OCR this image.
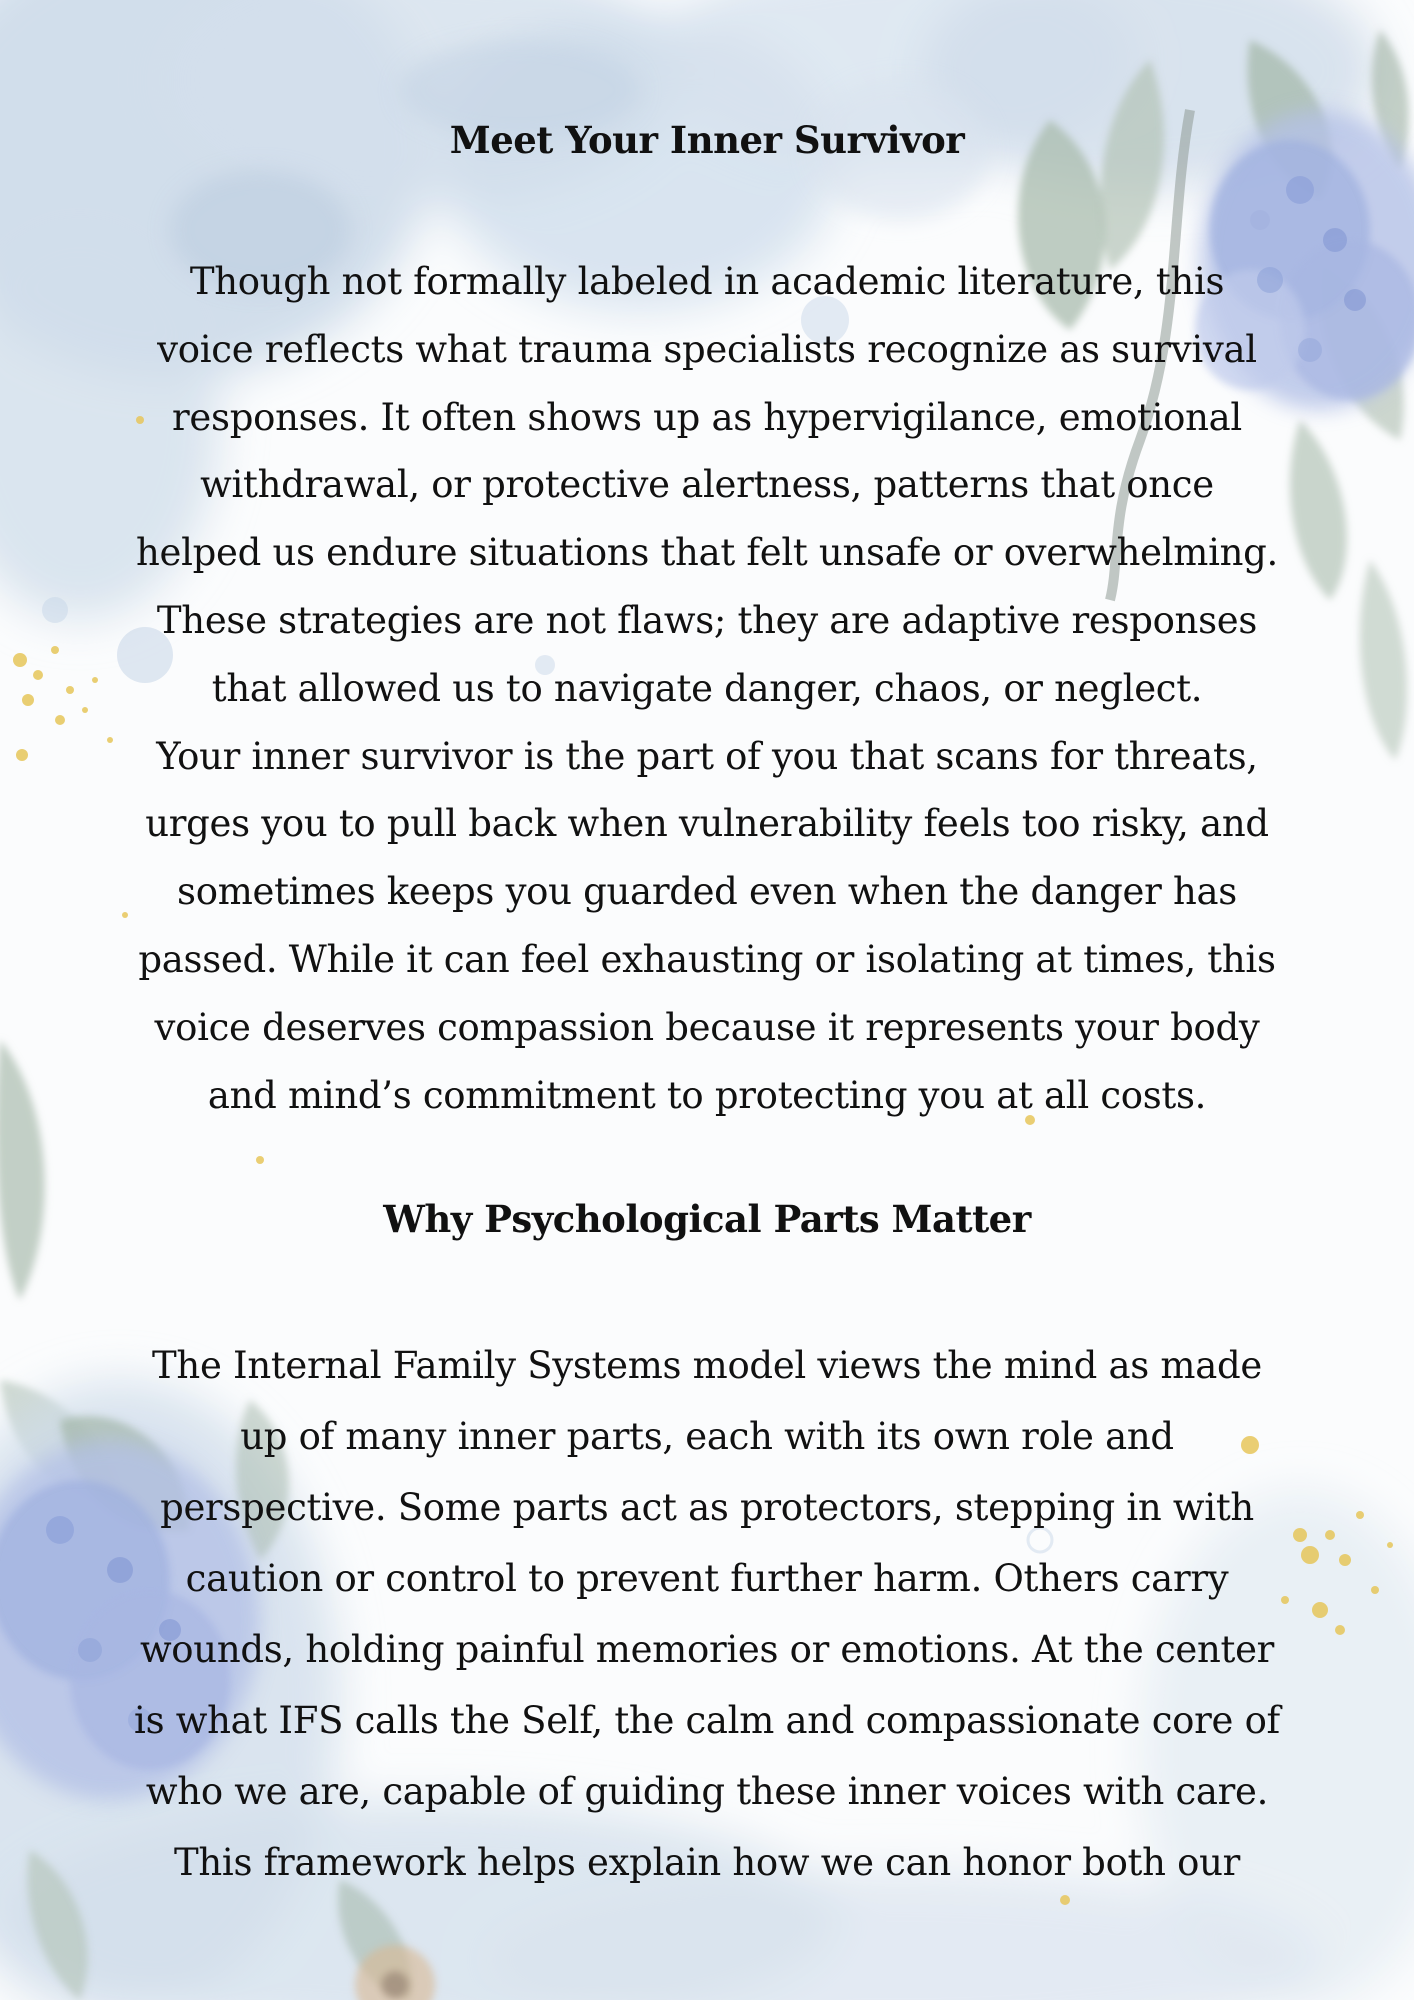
Meet Your Inner Survivor

Though not formally labeled in academic literature, this
voice reflects what trauma specialists recognize as survival
responses. It often shows up as hypervigilance, emotional
withdrawal, or protective alertness, patterns that once
helped us endure situations that felt unsafe or overwhelming.
These strategies are not flaws; they are adaptive responses
that allowed us to navigate danger, chaos, or neglect.
Your inner survivor is the part of you that scans for threats,
urges you to pull back when vulnerability feels too risky, and
sometimes keeps you guarded even when the danger has
passed. While it can feel exhausting or isolating at times, this
voice deserves compassion because it represents your body
and mind’s commitment to protecting you at all costs.

Why Psychological Parts Matter

The Internal Family Systems model views the mind as made
up of many inner parts, each with its own role and
perspective. Some parts act as protectors, stepping in with
caution or control to prevent further harm. Others carry
wounds, holding painful memories or emotions. At the center
is what IFS calls the Self, the calm and compassionate core of
who we are, capable of guiding these inner voices with care.
This framework helps explain how we can honor both our
